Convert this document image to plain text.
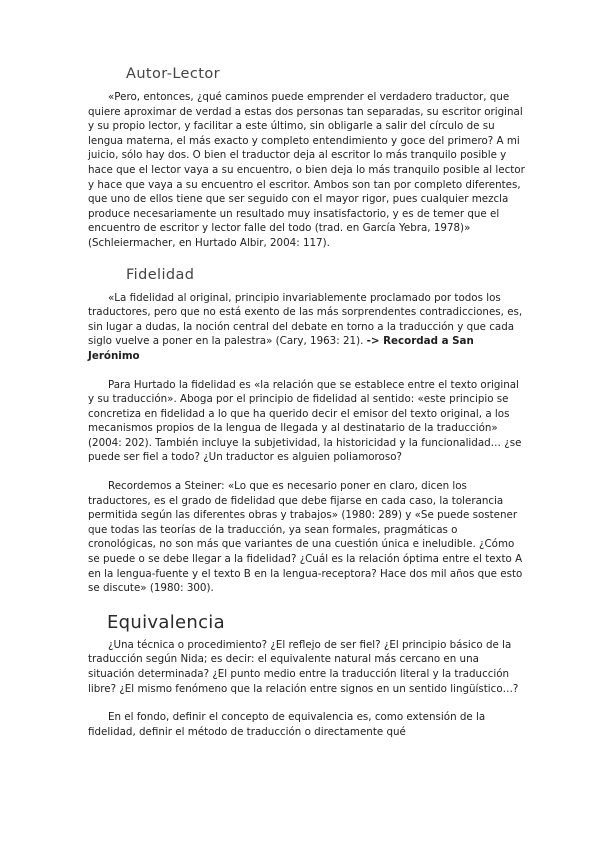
Autor-Lector

«Pero, entonces, ¿qué caminos puede emprender el verdadero traductor, que quiere aproximar de verdad a estas dos personas tan separadas, su escritor original y su propio lector, y facilitar a este último, sin obligarle a salir del círculo de su lengua materna, el más exacto y completo entendimiento y goce del primero? A mi juicio, sólo hay dos. O bien el traductor deja al escritor lo más tranquilo posible y hace que el lector vaya a su encuentro, o bien deja lo más tranquilo posible al lector y hace que vaya a su encuentro el escritor. Ambos son tan por completo diferentes, que uno de ellos tiene que ser seguido con el mayor rigor, pues cualquier mezcla produce necesariamente un resultado muy insatisfactorio, y es de temer que el encuentro de escritor y lector falle del todo (trad. en García Yebra, 1978)» (Schleiermacher, en Hurtado Albir, 2004: 117).

Fidelidad

«La fidelidad al original, principio invariablemente proclamado por todos los traductores, pero que no está exento de las más sorprendentes contradicciones, es, sin lugar a dudas, la noción central del debate en torno a la traducción y que cada siglo vuelve a poner en la palestra» (Cary, 1963: 21). -> Recordad a San Jerónimo

Para Hurtado la fidelidad es «la relación que se establece entre el texto original y su traducción». Aboga por el principio de fidelidad al sentido: «este principio se concretiza en fidelidad a lo que ha querido decir el emisor del texto original, a los mecanismos propios de la lengua de llegada y al destinatario de la traducción» (2004: 202). También incluye la subjetividad, la historicidad y la funcionalidad… ¿se puede ser fiel a todo? ¿Un traductor es alguien poliamoroso?

Recordemos a Steiner: «Lo que es necesario poner en claro, dicen los traductores, es el grado de fidelidad que debe fijarse en cada caso, la tolerancia permitida según las diferentes obras y trabajos» (1980: 289) y «Se puede sostener que todas las teorías de la traducción, ya sean formales, pragmáticas o cronológicas, no son más que variantes de una cuestión única e ineludible. ¿Cómo se puede o se debe llegar a la fidelidad? ¿Cuál es la relación óptima entre el texto A en la lengua-fuente y el texto B en la lengua-receptora? Hace dos mil años que esto se discute» (1980: 300).

Equivalencia

¿Una técnica o procedimiento? ¿El reflejo de ser fiel? ¿El principio básico de la traducción según Nida; es decir: el equivalente natural más cercano en una situación determinada? ¿El punto medio entre la traducción literal y la traducción libre? ¿El mismo fenómeno que la relación entre signos en un sentido lingüístico…?

En el fondo, definir el concepto de equivalencia es, como extensión de la fidelidad, definir el método de traducción o directamente qué
